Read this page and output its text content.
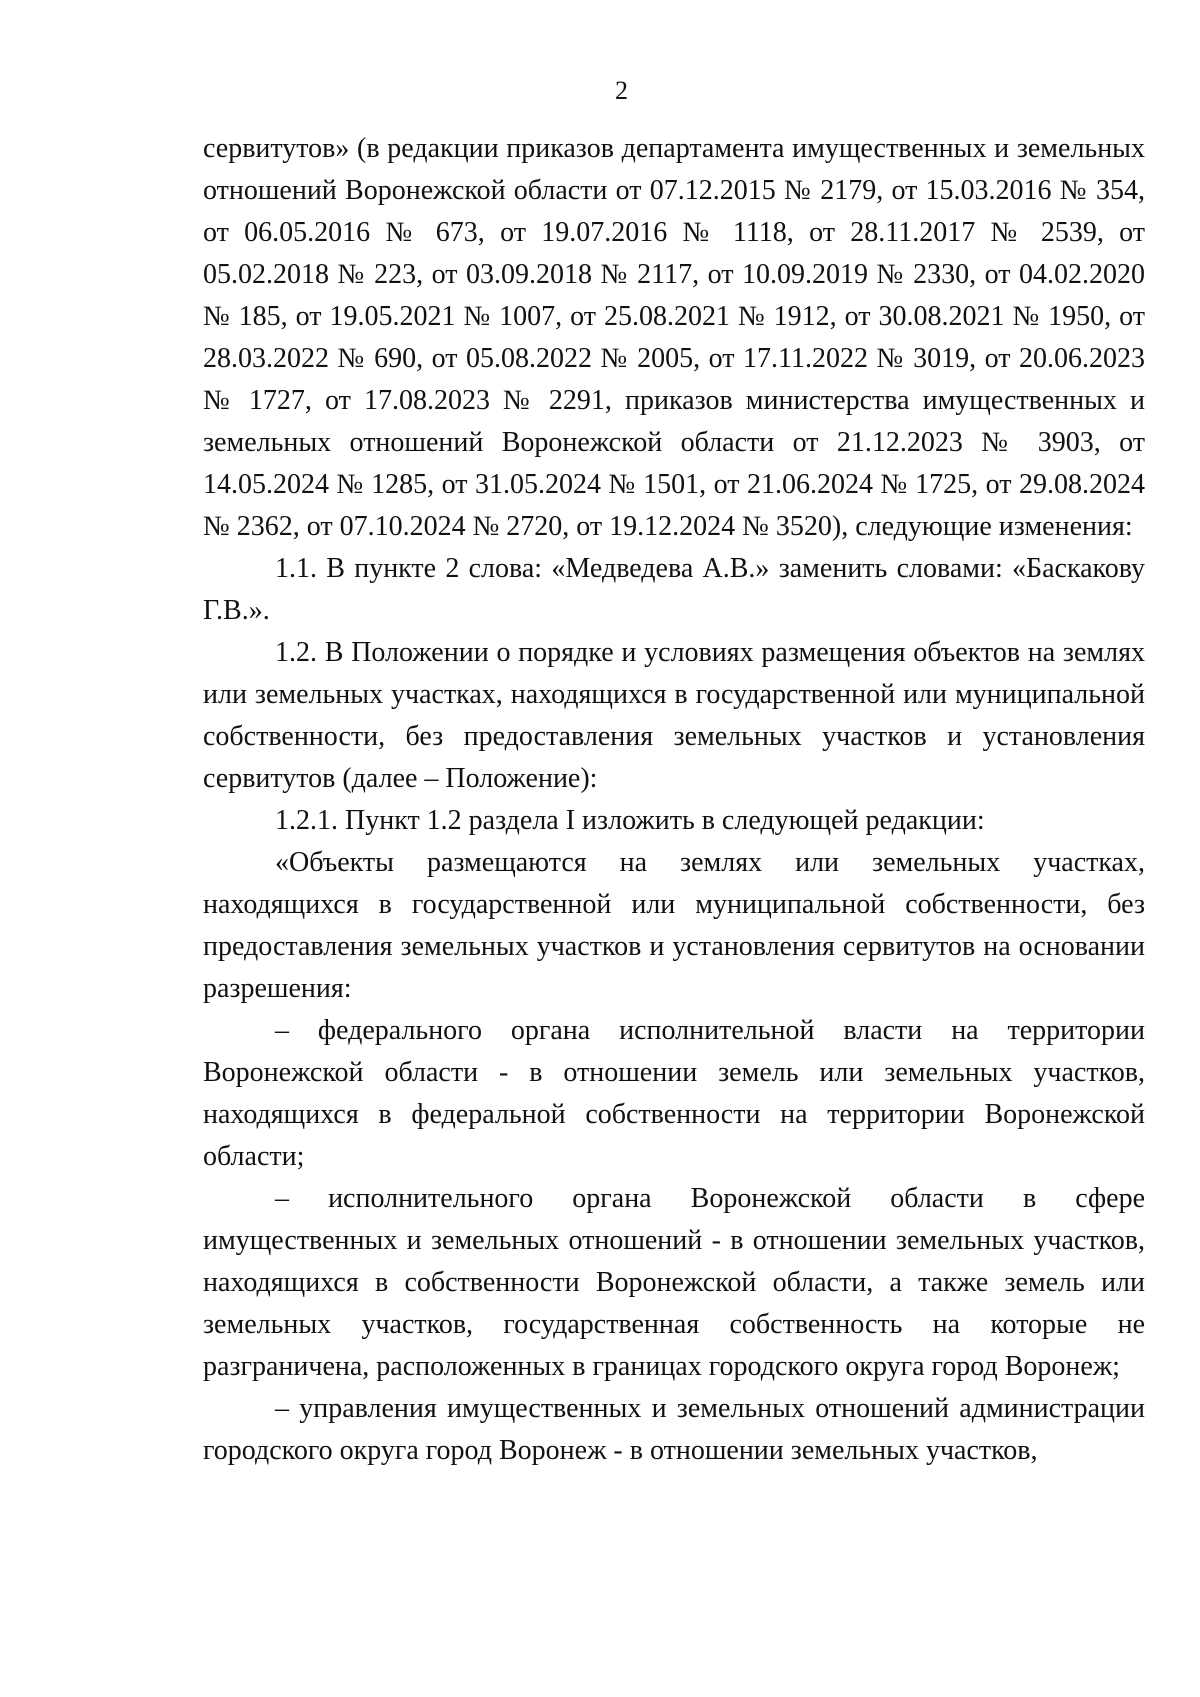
2

сервитутов» (в редакции приказов департамента имущественных и земельных отношений Воронежской области от 07.12.2015 № 2179, от 15.03.2016 № 354, от 06.05.2016 № 673, от 19.07.2016 № 1118, от 28.11.2017 № 2539, от 05.02.2018 № 223, от 03.09.2018 № 2117, от 10.09.2019 № 2330, от 04.02.2020 № 185, от 19.05.2021 № 1007, от 25.08.2021 № 1912, от 30.08.2021 № 1950, от 28.03.2022 № 690, от 05.08.2022 № 2005, от 17.11.2022 № 3019, от 20.06.2023 № 1727, от 17.08.2023 № 2291, приказов министерства имущественных и земельных отношений Воронежской области от 21.12.2023 № 3903, от 14.05.2024 № 1285, от 31.05.2024 № 1501, от 21.06.2024 № 1725, от 29.08.2024 № 2362, от 07.10.2024 № 2720, от 19.12.2024 № 3520), следующие изменения:

1.1. В пункте 2 слова: «Медведева А.В.» заменить словами: «Баскакову Г.В.».

1.2. В Положении о порядке и условиях размещения объектов на землях или земельных участках, находящихся в государственной или муниципальной собственности, без предоставления земельных участков и установления сервитутов (далее – Положение):

1.2.1. Пункт 1.2 раздела I изложить в следующей редакции:

«Объекты размещаются на землях или земельных участках, находящихся в государственной или муниципальной собственности, без предоставления земельных участков и установления сервитутов на основании разрешения:

– федерального органа исполнительной власти на территории Воронежской области - в отношении земель или земельных участков, находящихся в федеральной собственности на территории Воронежской области;

– исполнительного органа Воронежской области в сфере имущественных и земельных отношений - в отношении земельных участков, находящихся в собственности Воронежской области, а также земель или земельных участков, государственная собственность на которые не разграничена, расположенных в границах городского округа город Воронеж;

– управления имущественных и земельных отношений администрации городского округа город Воронеж - в отношении земельных участков,
